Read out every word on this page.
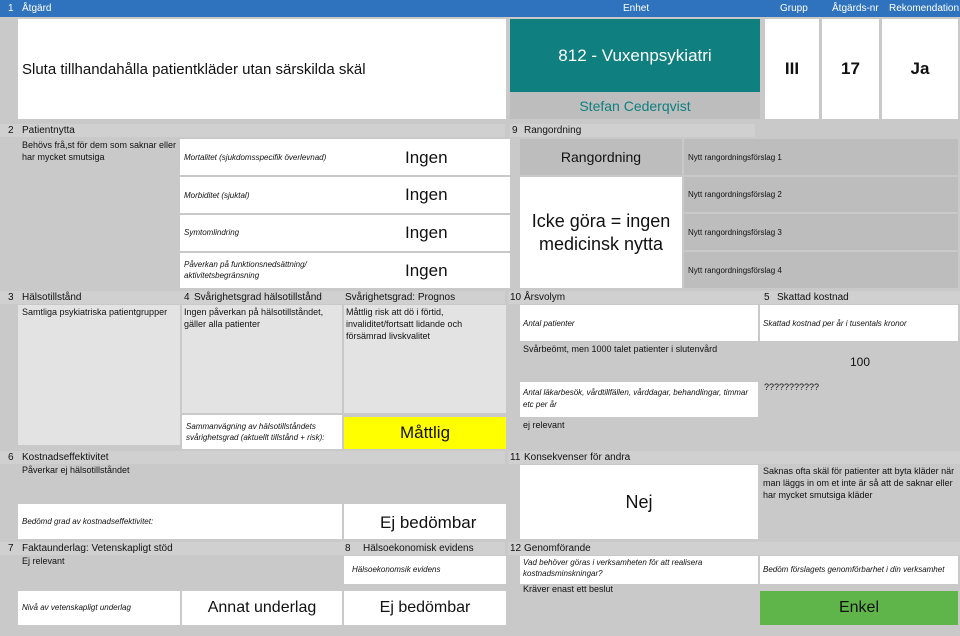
1 Åtgärd	Enhet	Grupp Åtgärds-nr Rekomendation
Sluta tillhandahålla patientkläder utan särskilda skäl
812 - Vuxenpsykiatri
Stefan Cederqvist
III	17	Ja
2 Patientnytta
Behövs frå,st för dem som saknar eller har mycket smutsiga	Mortalitet (sjukdomsspecifik överlevnad)	Ingen
Morbiditet (sjuktal)	Ingen
Symtomlindring	Ingen
Påverkan på funktionsnedsättning/ aktivitetsbegränsning	Ingen
9 Rangordning
Rangordning
Icke göra = ingen medicinsk nytta
Nytt rangordningsförslag 1
Nytt rangordningsförslag 2
Nytt rangordningsförslag 3
Nytt rangordningsförslag 4
3 Hälsotillstånd	4 Svårighetsgrad hälsotillstånd Svårighetsgrad: Prognos
Samtliga psykiatriska patientgrupper	Ingen påverkan på hälsotillståndet, gäller alla patienter
Måttlig risk att dö i förtid, invaliditet/fortsatt lidande och försämrad livskvalitet
Sammanvägning av hälsotillståndets svårighetsgrad (aktuellt tillstånd + risk):	Måttlig
10 Årsvolym	5 Skattad kostnad
Antal patienter
Svårbeömt, men 1000 talet patienter i slutenvård
Antal läkarbesök, vårdtillfällen, vårddagar, behandlingar, timmar etc per år
ej relevant
Skattad kostnad per år i tusentals kronor
100
???????????
6 Kostnadseffektivitet	11 Konsekvenser för andra
Påverkar ej hälsotillståndet
Bedömd grad av kostnadseffektivitet:	Ej bedömbar
Nej
Saknas ofta skäl för patienter att byta kläder när man läggs in om et inte är så att de saknar eller har mycket smutsiga kläder
7 Faktaunderlag: Vetenskapligt stöd	8 Hälsoekonomisk evidens	12 Genomförande
Ej relevant
Nivå av vetenskapligt underlag	Annat underlag
Hälsoekonomsik evidens
Ej bedömbar
Vad behöver göras i verksamheten för att realisera kostnadsminskningar?
Kräver enast ett beslut
Bedöm förslagets genomförbarhet i din verksamhet
Enkel
